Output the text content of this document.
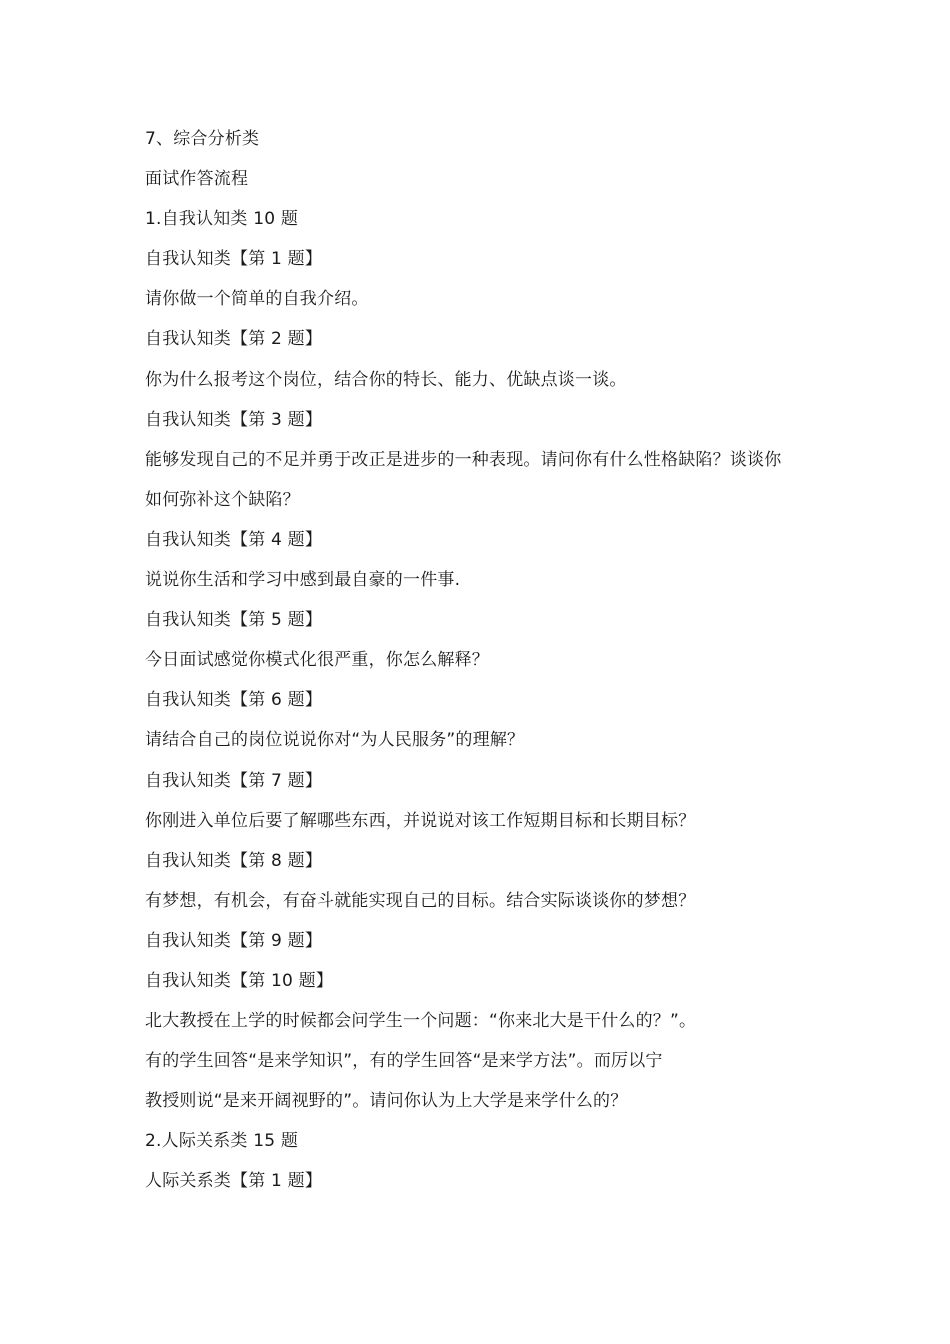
7、综合分析类
面试作答流程
1.自我认知类 10 题
自我认知类【第 1 题】
请你做一个简单的自我介绍。
自我认知类【第 2 题】
你为什么报考这个岗位，结合你的特长、能力、优缺点谈一谈。
自我认知类【第 3 题】
能够发现自己的不足并勇于改正是进步的一种表现。请问你有什么性格缺陷？谈谈你
如何弥补这个缺陷？
自我认知类【第 4 题】
说说你生活和学习中感到最自豪的一件事.
自我认知类【第 5 题】
今日面试感觉你模式化很严重，你怎么解释？
自我认知类【第 6 题】
请结合自己的岗位说说你对“为人民服务”的理解？
自我认知类【第 7 题】
你刚进入单位后要了解哪些东西，并说说对该工作短期目标和长期目标？
自我认知类【第 8 题】
有梦想，有机会，有奋斗就能实现自己的目标。结合实际谈谈你的梦想？
自我认知类【第 9 题】
自我认知类【第 10 题】
北大教授在上学的时候都会问学生一个问题：“你来北大是干什么的？”。
有的学生回答“是来学知识”，有的学生回答“是来学方法”。而厉以宁
教授则说“是来开阔视野的”。请问你认为上大学是来学什么的？
2.人际关系类 15 题
人际关系类【第 1 题】
